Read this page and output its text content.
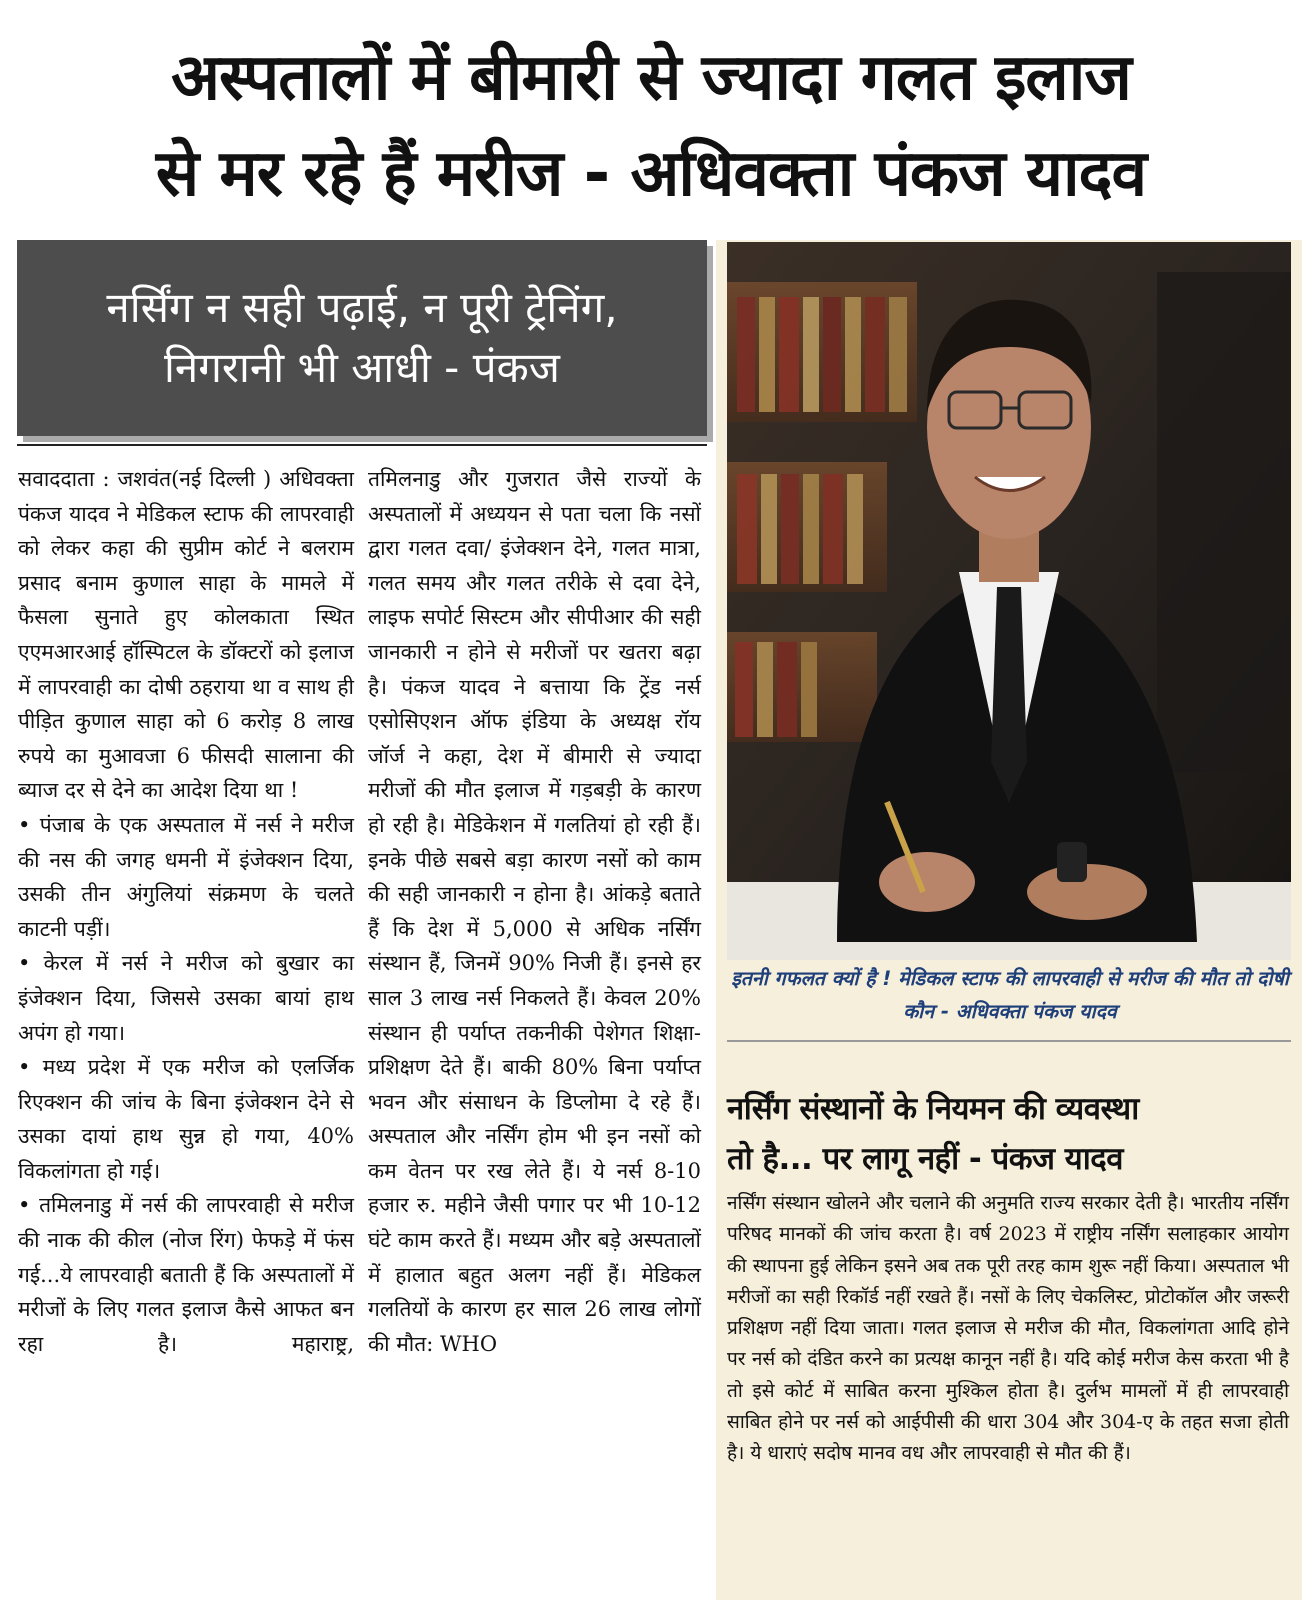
अस्पतालों में बीमारी से ज्यादा गलत इलाज
से मर रहे हैं मरीज - अधिवक्ता पंकज यादव
नर्सिंग न सही पढ़ाई, न पूरी ट्रेनिंग, निगरानी भी आधी - पंकज

सवाददाता : जशवंत(नई दिल्ली ) अधिवक्ता पंकज यादव ने मेडिकल स्टाफ की लापरवाही को लेकर कहा की सुप्रीम कोर्ट ने बलराम प्रसाद बनाम कुणाल साहा के मामले में फैसला सुनाते हुए कोलकाता स्थित एएमआरआई हॉस्पिटल के डॉक्टरों को इलाज में लापरवाही का दोषी ठहराया था व साथ ही पीड़ित कुणाल साहा को 6 करोड़ 8 लाख रुपये का मुआवजा 6 फीसदी सालाना की ब्याज दर से देने का आदेश दिया था !

• पंजाब के एक अस्पताल में नर्स ने मरीज की नस की जगह धमनी में इंजेक्शन दिया, उसकी तीन अंगुलियां संक्रमण के चलते काटनी पड़ीं।

• केरल में नर्स ने मरीज को बुखार का इंजेक्शन दिया, जिससे उसका बायां हाथ अपंग हो गया।

• मध्य प्रदेश में एक मरीज को एलर्जिक रिएक्शन की जांच के बिना इंजेक्शन देने से उसका दायां हाथ सुन्न हो गया, 40% विकलांगता हो गई।

• तमिलनाडु में नर्स की लापरवाही से मरीज की नाक की कील (नोज रिंग) फेफड़े में फंस गई...ये लापरवाही बताती हैं कि अस्पतालों में मरीजों के लिए गलत इलाज कैसे आफत बन रहा है। महाराष्ट्र,

तमिलनाडु और गुजरात जैसे राज्यों के अस्पतालों में अध्ययन से पता चला कि नसों द्वारा गलत दवा/ इंजेक्शन देने, गलत मात्रा, गलत समय और गलत तरीके से दवा देने, लाइफ सपोर्ट सिस्टम और सीपीआर की सही जानकारी न होने से मरीजों पर खतरा बढ़ा है। पंकज यादव ने बत्ताया कि ट्रेंड नर्स एसोसिएशन ऑफ इंडिया के अध्यक्ष रॉय जॉर्ज ने कहा, देश में बीमारी से ज्यादा मरीजों की मौत इलाज में गड़बड़ी के कारण हो रही है। मेडिकेशन में गलतियां हो रही हैं। इनके पीछे सबसे बड़ा कारण नसों को काम की सही जानकारी न होना है। आंकड़े बताते हैं कि देश में 5,000 से अधिक नर्सिंग संस्थान हैं, जिनमें 90% निजी हैं। इनसे हर साल 3 लाख नर्स निकलते हैं। केवल 20% संस्थान ही पर्याप्त तकनीकी पेशेगत शिक्षा-प्रशिक्षण देते हैं। बाकी 80% बिना पर्याप्त भवन और संसाधन के डिप्लोमा दे रहे हैं। अस्पताल और नर्सिंग होम भी इन नसों को कम वेतन पर रख लेते हैं। ये नर्स 8-10 हजार रु. महीने जैसी पगार पर भी 10-12 घंटे काम करते हैं। मध्यम और बड़े अस्पतालों में हालात बहुत अलग नहीं हैं। मेडिकल गलतियों के कारण हर साल 26 लाख लोगों की मौत: WHO

इतनी गफलत क्यों है ! मेडिकल स्टाफ की लापरवाही से मरीज की मौत तो दोषी कौन - अधिवक्ता पंकज यादव
नर्सिंग संस्थानों के नियमन की व्यवस्था
तो है... पर लागू नहीं - पंकज यादव
नर्सिंग संस्थान खोलने और चलाने की अनुमति राज्य सरकार देती है। भारतीय नर्सिंग परिषद मानकों की जांच करता है। वर्ष 2023 में राष्ट्रीय नर्सिंग सलाहकार आयोग की स्थापना हुई लेकिन इसने अब तक पूरी तरह काम शुरू नहीं किया। अस्पताल भी मरीजों का सही रिकॉर्ड नहीं रखते हैं। नसों के लिए चेकलिस्ट, प्रोटोकॉल और जरूरी प्रशिक्षण नहीं दिया जाता। गलत इलाज से मरीज की मौत, विकलांगता आदि होने पर नर्स को दंडित करने का प्रत्यक्ष कानून नहीं है। यदि कोई मरीज केस करता भी है तो इसे कोर्ट में साबित करना मुश्किल होता है। दुर्लभ मामलों में ही लापरवाही साबित होने पर नर्स को आईपीसी की धारा 304 और 304-ए के तहत सजा होती है। ये धाराएं सदोष मानव वध और लापरवाही से मौत की हैं।
